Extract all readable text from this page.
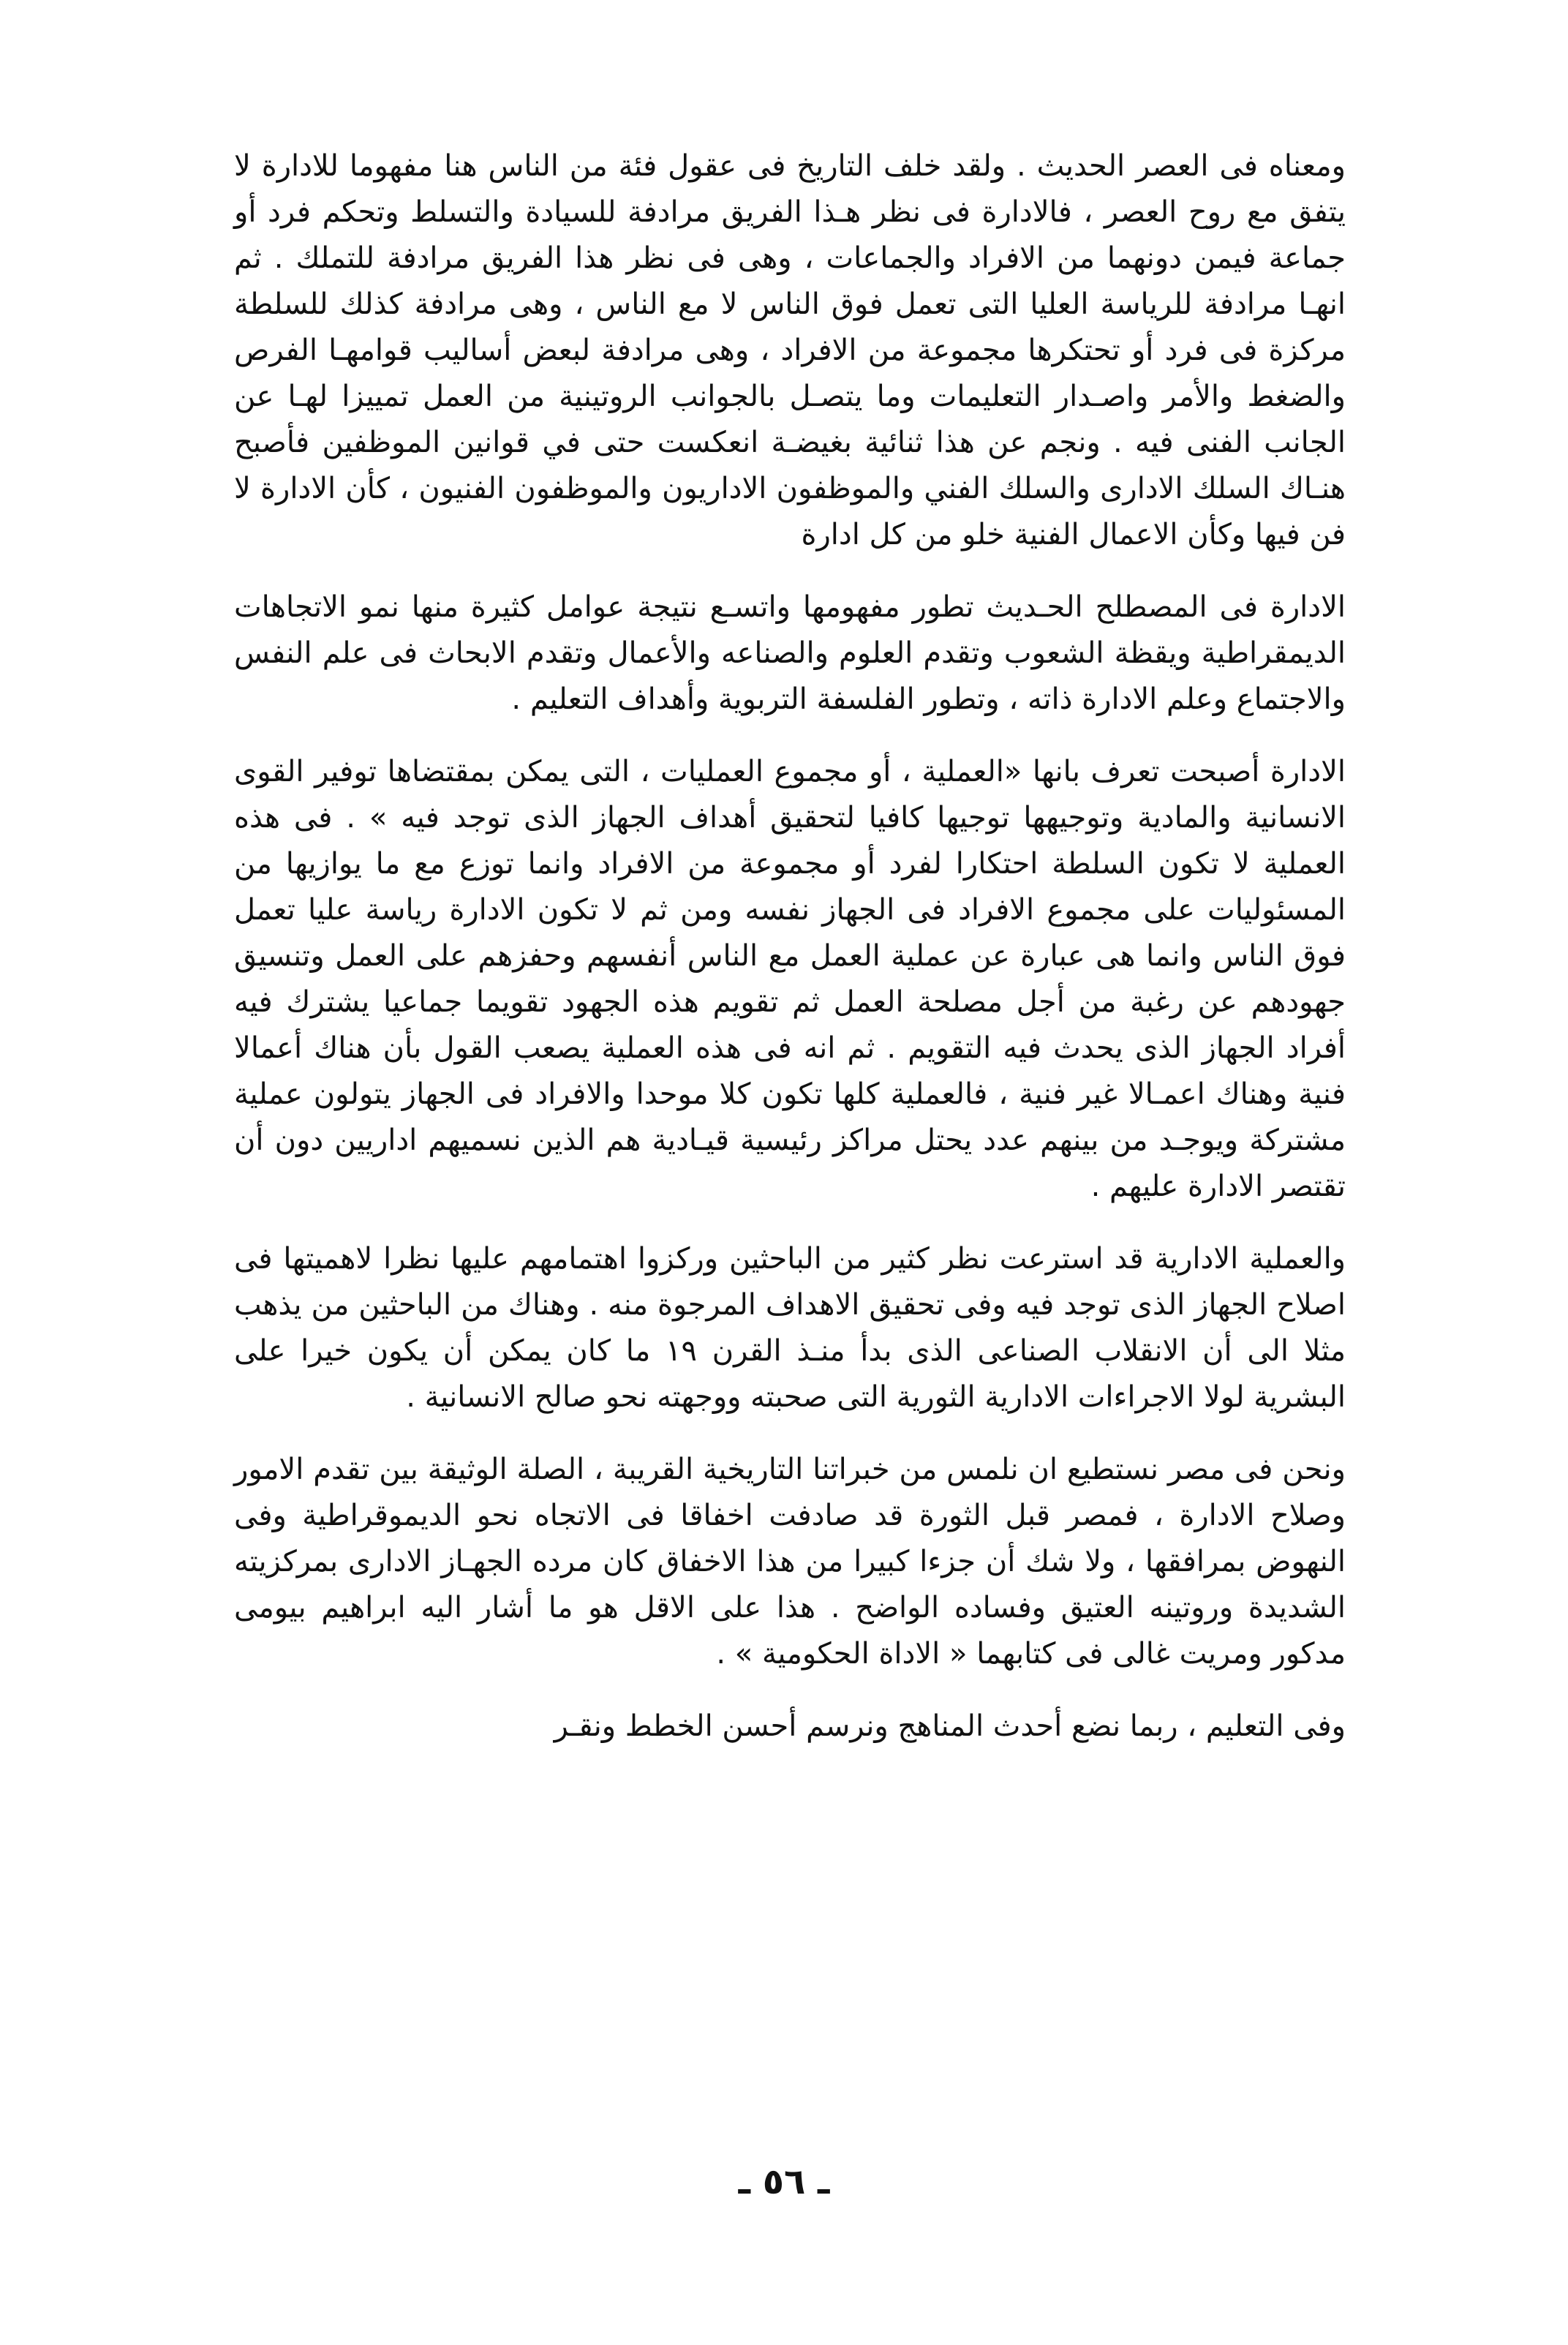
ومعناه فى العصر الحديث . ولقد خلف التاريخ فى عقول فئة من الناس هنا مفهوما للادارة لا يتفق مع روح العصر ، فالادارة فى نظر هـذا الفريق مرادفة للسيادة والتسلط وتحكم فرد أو جماعة فيمن دونهما من الافراد والجماعات ، وهى فى نظر هذا الفريق مرادفة للتملك . ثم انهـا مرادفة للرياسة العليا التى تعمل فوق الناس لا مع الناس ، وهى مرادفة كذلك للسلطة مركزة فى فرد أو تحتكرها مجموعة من الافراد ، وهى مرادفة لبعض أساليب قوامهـا الفرص والضغط والأمر واصـدار التعليمات وما يتصـل بالجوانب الروتينية من العمل تمييزا لهـا عن الجانب الفنى فيه . ونجم عن هذا ثنائية بغيضـة انعكست حتى في قوانين الموظفين فأصبح هنـاك السلك الادارى والسلك الفني والموظفون الاداريون والموظفون الفنيون ، كأن الادارة لا فن فيها وكأن الاعمال الفنية خلو من كل ادارة

الادارة فى المصطلح الحـديث تطور مفهومها واتسـع نتيجة عوامل كثيرة منها نمو الاتجاهات الديمقراطية ويقظة الشعوب وتقدم العلوم والصناعه والأعمال وتقدم الابحاث فى علم النفس والاجتماع وعلم الادارة ذاته ، وتطور الفلسفة التربوية وأهداف التعليم .

الادارة أصبحت تعرف بانها «العملية ، أو مجموع العمليات ، التى يمكن بمقتضاها توفير القوى الانسانية والمادية وتوجيهها توجيها كافيا لتحقيق أهداف الجهاز الذى توجد فيه » . فى هذه العملية لا تكون السلطة احتكارا لفرد أو مجموعة من الافراد وانما توزع مع ما يوازيها من المسئوليات على مجموع الافراد فى الجهاز نفسه ومن ثم لا تكون الادارة رياسة عليا تعمل فوق الناس وانما هى عبارة عن عملية العمل مع الناس أنفسهم وحفزهم على العمل وتنسيق جهودهم عن رغبة من أجل مصلحة العمل ثم تقويم هذه الجهود تقويما جماعيا يشترك فيه أفراد الجهاز الذى يحدث فيه التقويم . ثم انه فى هذه العملية يصعب القول بأن هناك أعمالا فنية وهناك اعمـالا غير فنية ، فالعملية كلها تكون كلا موحدا والافراد فى الجهاز يتولون عملية مشتركة ويوجـد من بينهم عدد يحتل مراكز رئيسية قيـادية هم الذين نسميهم اداريين دون أن تقتصر الادارة عليهم .

والعملية الادارية قد استرعت نظر كثير من الباحثين وركزوا اهتمامهم عليها نظرا لاهميتها فى اصلاح الجهاز الذى توجد فيه وفى تحقيق الاهداف المرجوة منه . وهناك من الباحثين من يذهب مثلا الى أن الانقلاب الصناعى الذى بدأ منـذ القرن ١٩ ما كان يمكن أن يكون خيرا على البشرية لولا الاجراءات الادارية الثورية التى صحبته ووجهته نحو صالح الانسانية .

ونحن فى مصر نستطيع ان نلمس من خبراتنا التاريخية القريبة ، الصلة الوثيقة بين تقدم الامور وصلاح الادارة ، فمصر قبل الثورة قد صادفت اخفاقا فى الاتجاه نحو الديموقراطية وفى النهوض بمرافقها ، ولا شك أن جزءا كبيرا من هذا الاخفاق كان مرده الجهـاز الادارى بمركزيته الشديدة وروتينه العتيق وفساده الواضح . هذا على الاقل هو ما أشار اليه ابراهيم بيومى مدكور ومريت غالى فى كتابهما « الاداة الحكومية » .

وفى التعليم ، ربما نضع أحدث المناهج ونرسم أحسن الخطط ونقـر

ـ ٥٦ ـ
